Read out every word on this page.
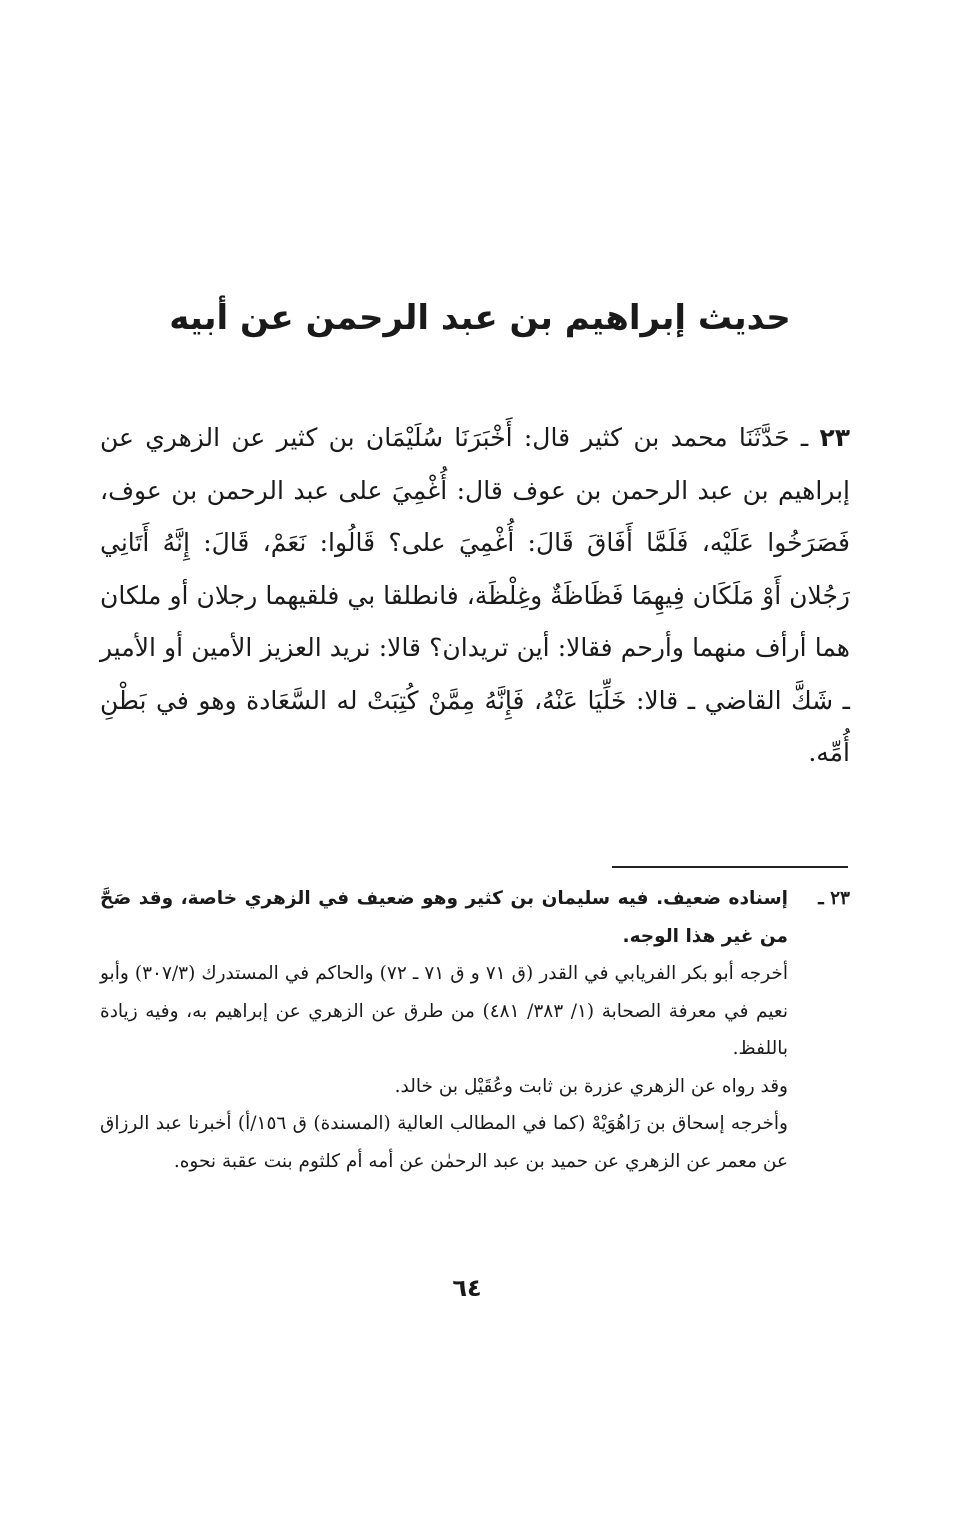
حديث إبراهيم بن عبد الرحمن عن أبيه

٢٣ ـ حَدَّثَنَا محمد بن كثير قال: أَخْبَرَنَا سُلَيْمَان بن كثير عن الزهري عن إبراهيم بن عبد الرحمن بن عوف قال: أُغْمِيَ على عبد الرحمن بن عوف، فَصَرَخُوا عَلَيْه، فَلَمَّا أَفَاقَ قَالَ: أُغْمِيَ على؟ قَالُوا: نَعَمْ، قَالَ: إِنَّهُ أَتَانِي رَجُلان أَوْ مَلَكَان فِيهِمَا فَظَاظَةٌ وغِلْظَة، فانطلقا بي فلقيهما رجلان أو ملكان هما أرأف منهما وأرحم فقالا: أين تريدان؟ قالا: نريد العزيز الأمين أو الأمير ـ شَكَّ القاضي ـ قالا: خَلِّيَا عَنْهُ، فَإِنَّهُ مِمَّنْ كُتِبَتْ له السَّعَادة وهو في بَطْنِ أُمِّه.

٢٣ ـ
إسناده ضعيف. فيه سليمان بن كثير وهو ضعيف في الزهري خاصة، وقد صَحَّ من غير هذا الوجه.

أخرجه أبو بكر الفريابي في القدر (ق ٧١ و ق ٧١ ـ ٧٢) والحاكم في المستدرك (٣٠٧/٣) وأبو نعيم في معرفة الصحابة (١/ ٣٨٣/ ٤٨١) من طرق عن الزهري عن إبراهيم به، وفيه زيادة باللفظ.

وقد رواه عن الزهري عزرة بن ثابت وعُقَيْل بن خالد.

وأخرجه إسحاق بن رَاهُوَيْهْ (كما في المطالب العالية (المسندة) ق ١٥٦/أ) أخبرنا عبد الرزاق عن معمر عن الزهري عن حميد بن عبد الرحمٰن عن أمه أم كلثوم بنت عقبة نحوه.

٦٤
